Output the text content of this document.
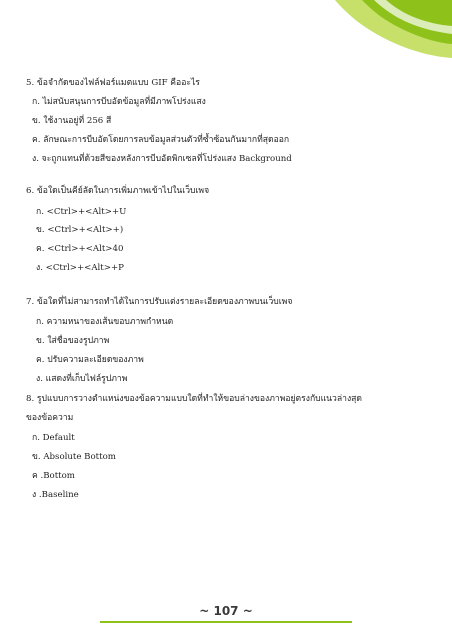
5. ข้อจำกัดของไฟล์ฟอร์แมตแบบ GIF คืออะไร
ก. ไม่สนับสนุนการบีบอัดข้อมูลที่มีภาพโปร่งแสง
ข. ใช้งานอยู่ที่ 256 สี
ค. ลักษณะการบีบอัดโดยการลบข้อมูลส่วนตัวที่ซ้ำซ้อนกันมากที่สุดออก
ง. จะถูกแทนที่ด้วยสีของหลังการบีบอัดพิกเซลที่โปร่งแสง Background
6. ข้อใดเป็นคีย์ลัดในการเพิ่มภาพเข้าไปในเว็บเพจ
ก. <Ctrl>+<Alt>+U
ข. <Ctrl>+<Alt>+)
ค. <Ctrl>+<Alt>40
ง. <Ctrl>+<Alt>+P
7. ข้อใดที่ไม่สามารถทำได้ในการปรับแต่งรายละเอียดของภาพบนเว็บเพจ
ก. ความหนาของเส้นขอบภาพกำหนด
ข. ใส่ชื่อของรูปภาพ
ค. ปรับความละเอียดของภาพ
ง. แสดงที่เก็บไฟล์รูปภาพ
8. รูปแบบการวางตำแหน่งของข้อความแบบใดที่ทำให้ขอบล่างของภาพอยู่ตรงกับแนวล่างสุด
ของข้อความ
ก. Default
ข. Absolute Bottom
ค .Bottom
ง .Baseline
~ 107 ~
